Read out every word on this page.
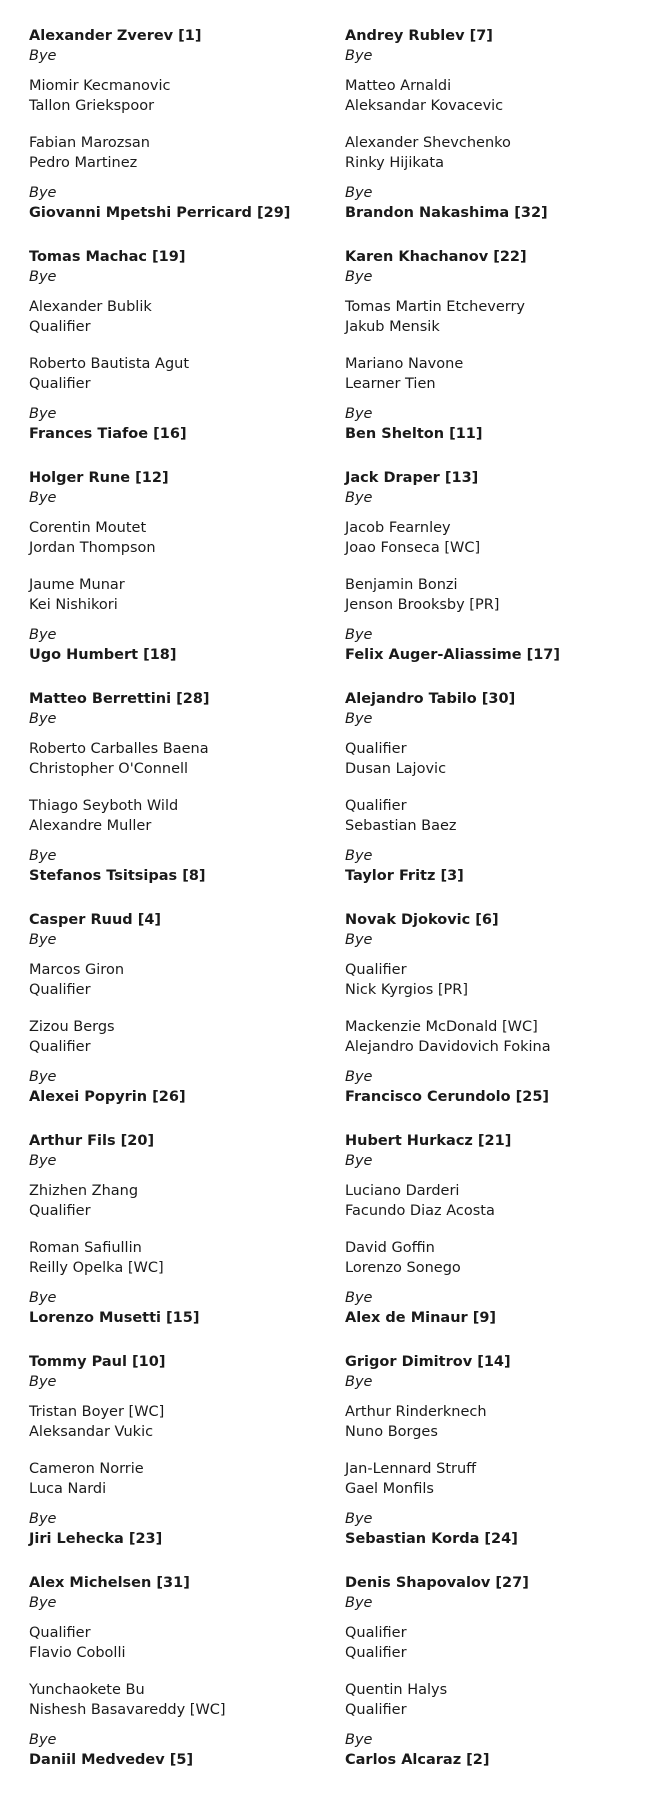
Alexander Zverev [1]
Bye
Miomir Kecmanovic
Tallon Griekspoor
Fabian Marozsan
Pedro Martinez
Bye
Giovanni Mpetshi Perricard [29]
Tomas Machac [19]
Bye
Alexander Bublik
Qualifier
Roberto Bautista Agut
Qualifier
Bye
Frances Tiafoe [16]
Holger Rune [12]
Bye
Corentin Moutet
Jordan Thompson
Jaume Munar
Kei Nishikori
Bye
Ugo Humbert [18]
Matteo Berrettini [28]
Bye
Roberto Carballes Baena
Christopher O'Connell
Thiago Seyboth Wild
Alexandre Muller
Bye
Stefanos Tsitsipas [8]
Casper Ruud [4]
Bye
Marcos Giron
Qualifier
Zizou Bergs
Qualifier
Bye
Alexei Popyrin [26]
Arthur Fils [20]
Bye
Zhizhen Zhang
Qualifier
Roman Safiullin
Reilly Opelka [WC]
Bye
Lorenzo Musetti [15]
Tommy Paul [10]
Bye
Tristan Boyer [WC]
Aleksandar Vukic
Cameron Norrie
Luca Nardi
Bye
Jiri Lehecka [23]
Alex Michelsen [31]
Bye
Qualifier
Flavio Cobolli
Yunchaokete Bu
Nishesh Basavareddy [WC]
Bye
Daniil Medvedev [5]
Andrey Rublev [7]
Bye
Matteo Arnaldi
Aleksandar Kovacevic
Alexander Shevchenko
Rinky Hijikata
Bye
Brandon Nakashima [32]
Karen Khachanov [22]
Bye
Tomas Martin Etcheverry
Jakub Mensik
Mariano Navone
Learner Tien
Bye
Ben Shelton [11]
Jack Draper [13]
Bye
Jacob Fearnley
Joao Fonseca [WC]
Benjamin Bonzi
Jenson Brooksby [PR]
Bye
Felix Auger-Aliassime [17]
Alejandro Tabilo [30]
Bye
Qualifier
Dusan Lajovic
Qualifier
Sebastian Baez
Bye
Taylor Fritz [3]
Novak Djokovic [6]
Bye
Qualifier
Nick Kyrgios [PR]
Mackenzie McDonald [WC]
Alejandro Davidovich Fokina
Bye
Francisco Cerundolo [25]
Hubert Hurkacz [21]
Bye
Luciano Darderi
Facundo Diaz Acosta
David Goffin
Lorenzo Sonego
Bye
Alex de Minaur [9]
Grigor Dimitrov [14]
Bye
Arthur Rinderknech
Nuno Borges
Jan-Lennard Struff
Gael Monfils
Bye
Sebastian Korda [24]
Denis Shapovalov [27]
Bye
Qualifier
Qualifier
Quentin Halys
Qualifier
Bye
Carlos Alcaraz [2]
